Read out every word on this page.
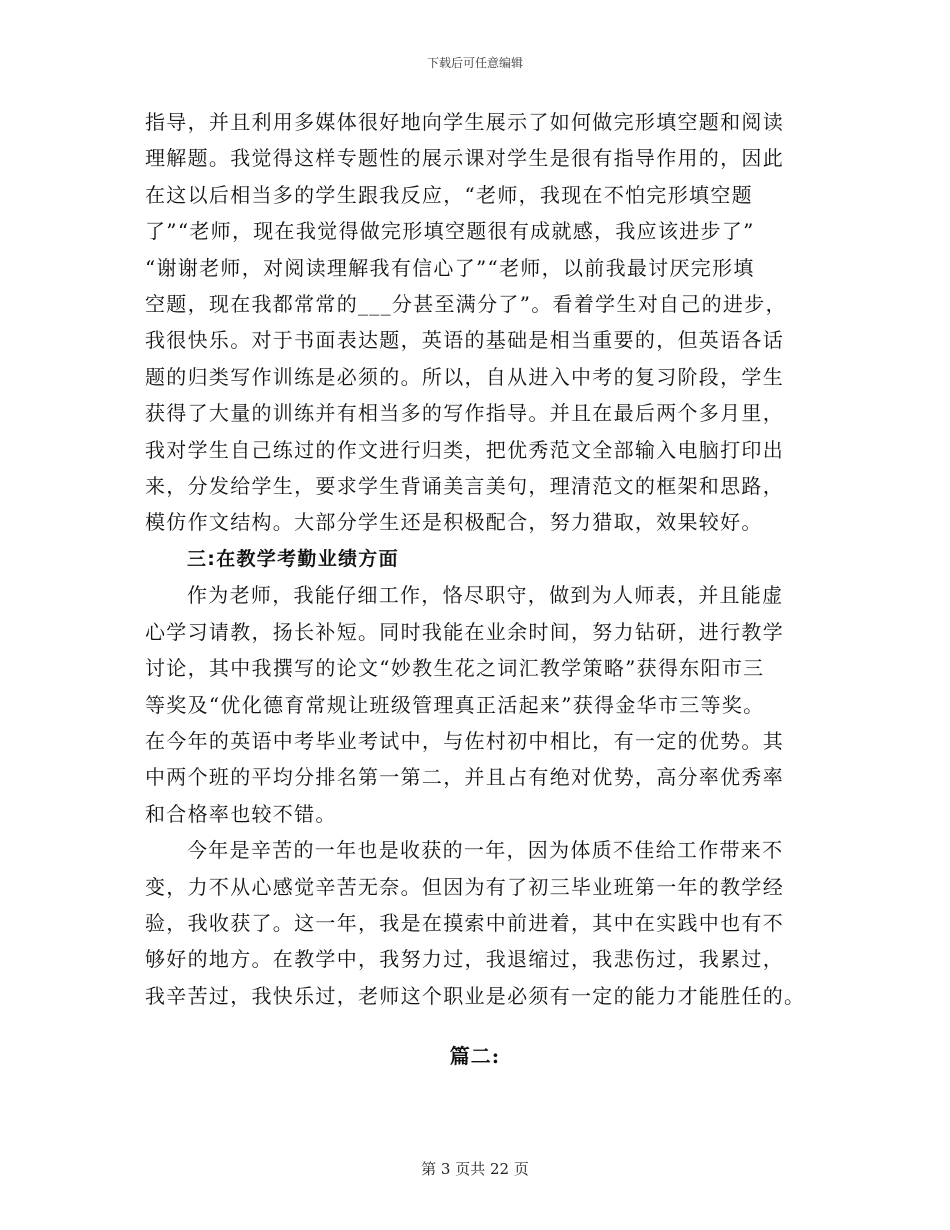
下载后可任意编辑

指导，并且利用多媒体很好地向学生展示了如何做完形填空题和阅读
理解题。我觉得这样专题性的展示课对学生是很有指导作用的，因此
在这以后相当多的学生跟我反应，“老师，我现在不怕完形填空题
了”“老师，现在我觉得做完形填空题很有成就感，我应该进步了”
“谢谢老师，对阅读理解我有信心了”“老师，以前我最讨厌完形填
空题，现在我都常常的___分甚至满分了”。看着学生对自己的进步，
我很快乐。对于书面表达题，英语的基础是相当重要的，但英语各话
题的归类写作训练是必须的。所以，自从进入中考的复习阶段，学生
获得了大量的训练并有相当多的写作指导。并且在最后两个多月里，
我对学生自己练过的作文进行归类，把优秀范文全部输入电脑打印出
来，分发给学生，要求学生背诵美言美句，理清范文的框架和思路，
模仿作文结构。大部分学生还是积极配合，努力猎取，效果较好。

三:在教学考勤业绩方面

作为老师，我能仔细工作，恪尽职守，做到为人师表，并且能虚
心学习请教，扬长补短。同时我能在业余时间，努力钻研，进行教学
讨论，其中我撰写的论文“妙教生花之词汇教学策略”获得东阳市三
等奖及“优化德育常规让班级管理真正活起来”获得金华市三等奖。
在今年的英语中考毕业考试中，与佐村初中相比，有一定的优势。其
中两个班的平均分排名第一第二，并且占有绝对优势，高分率优秀率
和合格率也较不错。

今年是辛苦的一年也是收获的一年，因为体质不佳给工作带来不
变，力不从心感觉辛苦无奈。但因为有了初三毕业班第一年的教学经
验，我收获了。这一年，我是在摸索中前进着，其中在实践中也有不
够好的地方。在教学中，我努力过，我退缩过，我悲伤过，我累过，
我辛苦过，我快乐过，老师这个职业是必须有一定的能力才能胜任的。

篇二:
第 3 页共 22 页
